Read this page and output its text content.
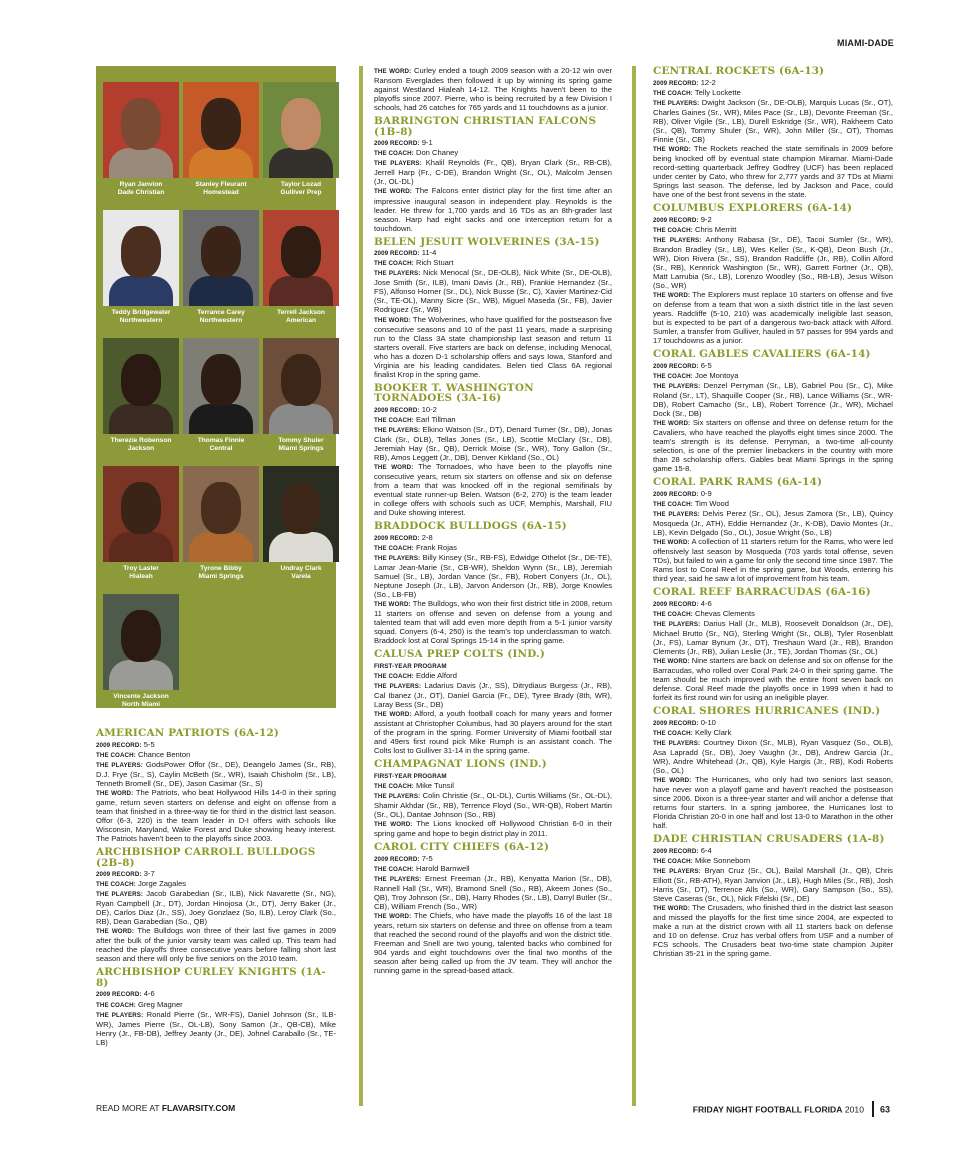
MIAMI-DADE
Ryan Janvion
Dade Christian
Stanley Fleurant
Homestead
Taylor Lozad
Gulliver Prep
Teddy Bridgewater
Northwestern
Terrance Carey
Northwestern
Terrell Jackson
American
Therezie Robenson
Jackson
Thomas Finnie
Central
Tommy Shuler
Miami Springs
Troy Laster
Hialeah
Tyrone Bibby
Miami Springs
Undray Clark
Varela
Vincente Jackson
North Miami
AMERICAN PATRIOTS (6A-12)

2009 RECORD: 5-5

THE COACH: Chance Benton

THE PLAYERS: GodsPower Offor (Sr., DE), Deangelo James (Sr., RB), D.J. Frye (Sr., S), Caylin McBeth (Sr., WR), Isaiah Chisholm (Sr., LB), Tenneth Bromell (Sr., DE), Jason Casimar (Sr., S)

THE WORD: The Patriots, who beat Hollywood Hills 14-0 in their spring game, return seven starters on defense and eight on offense from a team that finished in a three-way tie for third in the district last season. Offor (6-3, 220) is the team leader in D-I offers with schools like Wisconsin, Maryland, Wake Forest and Duke showing heavy interest. The Patriots haven't been to the playoffs since 2003.

ARCHBISHOP CARROLL BULLDOGS (2B-8)

2009 RECORD: 3-7

THE COACH: Jorge Zagales

THE PLAYERS: Jacob Garabedian (Sr., ILB), Nick Navarette (Sr., NG), Ryan Campbell (Jr., DT), Jordan Hinojosa (Jr., DT), Jerry Baker (Jr., DE), Carlos Diaz (Jr., SS), Joey Gonzlaez (So, ILB), Leroy Clark (So., RB), Dean Garabedian (So., QB)

THE WORD: The Bulldogs won three of their last five games in 2009 after the bulk of the junior varsity team was called up. This team had reached the playoffs three consecutive years before falling short last season and there will only be five seniors on the 2010 team.

ARCHBISHOP CURLEY KNIGHTS (1A-8)

2009 RECORD: 4-6

THE COACH: Greg Magner

THE PLAYERS: Ronald Pierre (Sr., WR-FS), Daniel Johnson (Sr., ILB-WR), James Pierre (Sr., OL-LB), Sony Samon (Jr., QB-CB), Mike Henry (Jr., FB-DB), Jeffrey Jeanty (Jr., DE), Johnel Caraballo (Sr., TE-LB)

THE WORD: Curley ended a tough 2009 season with a 20-12 win over Ransom Everglades then followed it up by winning its spring game against Westland Hialeah 14-12. The Knights haven't been to the playoffs since 2007. Pierre, who is being recruited by a few Division I schools, had 26 catches for 765 yards and 11 touchdowns as a junior.

BARRINGTON CHRISTIAN FALCONS (1B-8)

2009 RECORD: 9-1

THE COACH: Don Chaney

THE PLAYERS: Khalil Reynolds (Fr., QB), Bryan Clark (Sr., RB-CB), Jerrell Harp (Fr., C-DE), Brandon Wright (Sr., OL), Malcolm Jensen (Jr., OL-DL)

THE WORD: The Falcons enter district play for the first time after an impressive inaugural season in independent play. Reynolds is the leader. He threw for 1,700 yards and 16 TDs as an 8th-grader last season. Harp had eight sacks and one interception return for a touchdown.

BELEN JESUIT WOLVERINES (3A-15)

2009 RECORD: 11-4

THE COACH: Rich Stuart

THE PLAYERS: Nick Menocal (Sr., DE-OLB), Nick White (Sr., DE-OLB), Jose Smith (Sr., ILB), Imani Davis (Jr., RB), Frankie Hernandez (Sr., FS), Alfonso Horner (Sr., DL), Nick Busse (Sr., C), Xavier Martinez-Cid (Sr., TE-OL), Manny Sicre (Sr., WB), Miguel Maseda (Sr., FB), Javier Rodriguez (Sr., WB)

THE WORD: The Wolverines, who have qualified for the postseason five consecutive seasons and 10 of the past 11 years, made a surprising run to the Class 3A state championship last season and return 11 starters overall. Five starters are back on defense, including Menocal, who has a dozen D-1 scholarship offers and says Iowa, Stanford and Virginia are his leading candidates. Belen tied Class 6A regional finalist Krop in the spring game.

BOOKER T. WASHINGTON TORNADOES (3A-16)

2009 RECORD: 10-2

THE COACH: Earl Tillman

THE PLAYERS: Elkino Watson (Sr., DT), Denard Turner (Sr., DB), Jonas Clark (Sr., OLB), Tellas Jones (Sr., LB), Scottie McClary (Sr., DB), Jeremiah Hay (Sr., QB), Derrick Moise (Sr., WR), Tony Gallon (Sr., RB), Amos Leggett (Jr., DB), Denver Kirkland (So., OL)

THE WORD: The Tornadoes, who have been to the playoffs nine consecutive years, return six starters on offense and six on defense from a team that was knocked off in the regional semifinals by eventual state runner-up Belen. Watson (6-2, 270) is the team leader in college offers with schools such as UCF, Memphis, Marshall, FIU and Duke showing interest.

BRADDOCK BULLDOGS (6A-15)

2009 RECORD: 2-8

THE COACH: Frank Rojas

THE PLAYERS: Billy Kinsey (Sr., RB-FS), Edwidge Othelot (Sr., DE-TE), Lamar Jean-Marie (Sr., CB-WR), Sheldon Wynn (Sr., LB), Jeremiah Samuel (Sr., LB), Jordan Vance (Sr., FB), Robert Conyers (Jr., OL), Neptune Joseph (Jr., LB), Jarvon Anderson (Jr., RB), Jorge Knowles (So., LB-FB)

THE WORD: The Bulldogs, who won their first district title in 2008, return 11 starters on offense and seven on defense from a young and talented team that will add even more depth from a 5-1 junior varsity squad. Conyers (6-4, 250) is the team's top underclassman to watch. Braddock lost at Coral Springs 15-14 in the spring game.

CALUSA PREP COLTS (IND.)

FIRST-YEAR PROGRAM

THE COACH: Eddie Alford

THE PLAYERS: Ladarius Davis (Jr., SS), Ditrydiaus Burgess (Jr., RB), Cal Ibanez (Jr., OT), Daniel Garcia (Fr., DE), Tyree Brady (8th, WR), Laray Bess (Sr., DB)

THE WORD: Alford, a youth football coach for many years and former assistant at Christopher Columbus, had 30 players around for the start of the program in the spring. Former University of Miami football star and 49ers first round pick Mike Rumph is an assistant coach. The Colts lost to Gulliver 31-14 in the spring game.

CHAMPAGNAT LIONS (IND.)

FIRST-YEAR PROGRAM

THE COACH: Mike Tunsil

THE PLAYERS: Colin Christie (Sr., OL-DL), Curtis Williams (Sr., OL-DL), Shamir Akhdar (Sr., RB), Terrence Floyd (So., WR-QB), Robert Martin (Sr., OL), Dantae Johnson (So., RB)

THE WORD: The Lions knocked off Hollywood Christian 6-0 in their spring game and hope to begin district play in 2011.

CAROL CITY CHIEFS (6A-12)

2009 RECORD: 7-5

THE COACH: Harold Barnwell

THE PLAYERS: Ernest Freeman (Jr., RB), Kenyatta Marion (Sr., DB), Rannell Hall (Sr., WR), Bramond Snell (So., RB), Akeem Jones (So., QB), Troy Johnson (Sr., DB), Harry Rhodes (Sr., LB), Darryl Butler (Sr., CB), William French (So., WR)

THE WORD: The Chiefs, who have made the playoffs 16 of the last 18 years, return six starters on defense and three on offense from a team that reached the second round of the playoffs and won the district title. Freeman and Snell are two young, talented backs who combined for 904 yards and eight touchdowns over the final two months of the season after being called up from the JV team. They will anchor the running game in the spread-based attack.

CENTRAL ROCKETS (6A-13)

2009 RECORD: 12-2

THE COACH: Telly Lockette

THE PLAYERS: Dwight Jackson (Sr., DE-OLB), Marquis Lucas (Sr., OT), Charles Gaines (Sr., WR), Miles Pace (Sr., LB), Devonte Freeman (Sr., RB), Oliver Vigile (Sr., LB), Durell Eskridge (Sr., WR), Rakheem Cato (Sr., QB), Tommy Shuler (Sr., WR), John Miller (Sr., OT), Thomas Finnie (Sr., CB)

THE WORD: The Rockets reached the state semifinals in 2009 before being knocked off by eventual state champion Miramar. Miami-Dade record-setting quarterback Jeffrey Godfrey (UCF) has been replaced under center by Cato, who threw for 2,777 yards and 37 TDs at Miami Springs last season. The defense, led by Jackson and Pace, could have one of the best front sevens in the state.

COLUMBUS EXPLORERS (6A-14)

2009 RECORD: 9-2

THE COACH: Chris Merritt

THE PLAYERS: Anthony Rabasa (Sr., DE), Tacoi Sumler (Sr., WR), Brandon Bradley (Sr., LB), Wes Keller (Sr., K-QB), Deon Bush (Jr., WR), Dion Rivera (Sr., SS), Brandon Radcliffe (Jr., RB), Collin Alford (Sr., RB), Kennrick Washington (Sr., WR), Garrett Fortner (Jr., QB), Matt Larrubia (Sr., LB), Lorenzo Woodley (So., RB-LB), Jesus Wilson (So., WR)

THE WORD: The Explorers must replace 10 starters on offense and five on defense from a team that won a sixth district title in the last seven years. Radcliffe (5-10, 210) was academically ineligible last season, but is expected to be part of a dangerous two-back attack with Alford. Sumler, a transfer from Gulliver, hauled in 57 passes for 994 yards and 17 touchdowns as a junior.

CORAL GABLES CAVALIERS (6A-14)

2009 RECORD: 6-5

THE COACH: Joe Montoya

THE PLAYERS: Denzel Perryman (Sr., LB), Gabriel Pou (Sr., C), Mike Roland (Sr., LT), Shaquille Cooper (Sr., RB), Lance Williams (Sr., WR-DB), Robert Camacho (Sr., LB), Robert Torrence (Jr., WR), Michael Dock (Sr., DB)

THE WORD: Six starters on offense and three on defense return for the Cavaliers, who have reached the playoffs eight times since 2000. The team's strength is its defense. Perryman, a two-time all-county selection, is one of the premier linebackers in the country with more than 28 scholarship offers. Gables beat Miami Springs in the spring game 15-8.

CORAL PARK RAMS (6A-14)

2009 RECORD: 0-9

THE COACH: Tim Wood

THE PLAYERS: Delvis Perez (Sr., OL), Jesus Zamora (Sr., LB), Quincy Mosqueda (Jr., ATH), Eddie Hernandez (Jr., K-DB), Davio Montes (Jr., LB), Kevin Delgado (So., OL), Josue Wright (So., LB)

THE WORD: A collection of 11 starters return for the Rams, who were led offensively last season by Mosqueda (703 yards total offense, seven TDs), but failed to win a game for only the second time since 1987. The Rams lost to Coral Reef in the spring game, but Woods, entering his third year, said he saw a lot of improvement from his team.

CORAL REEF BARRACUDAS (6A-16)

2009 RECORD: 4-6

THE COACH: Chevas Clements

THE PLAYERS: Darius Hall (Jr., MLB), Roosevelt Donaldson (Jr., DE), Michael Brutto (Sr., NG), Sterling Wright (Sr., OLB), Tyler Rosenblatt (Jr., FS), Lamar Bynum (Jr., DT), Treshaun Ward (Jr., RB), Brandon Clements (Jr., RB), Julian Leslie (Jr., TE), Jordan Thomas (Sr., OL)

THE WORD: Nine starters are back on defense and six on offense for the Barracudas, who rolled over Coral Park 24-0 in their spring game. The team should be much improved with the entire front seven back on defense. Coral Reef made the playoffs once in 1999 when it had to forfeit its first round win for using an ineligible player.

CORAL SHORES HURRICANES (IND.)

2009 RECORD: 0-10

THE COACH: Kelly Clark

THE PLAYERS: Courtney Dixon (Sr., MLB), Ryan Vasquez (So., OLB), Asa Lapradd (Sr., DB), Joey Vaughn (Jr., DB), Andrew Garcia (Jr., WR), Andre Whitehead (Jr., QB), Kyle Hargis (Jr., RB), Kodi Roberts (So., OL)

THE WORD: The Hurricanes, who only had two seniors last season, have never won a playoff game and haven't reached the postseason since 2006. Dixon is a three-year starter and will anchor a defense that returns four starters. In a spring jamboree, the Hurricanes lost to Florida Christian 20-0 in one half and lost 13-0 to Marathon in the other half.

DADE CHRISTIAN CRUSADERS (1A-8)

2009 RECORD: 6-4

THE COACH: Mike Sonneborn

THE PLAYERS: Bryan Cruz (Sr., OL), Bailal Marshall (Jr., QB), Chris Elliott (Sr., RB-ATH), Ryan Janvion (Jr., LB), Hugh Miles (Sr., RB), Josh Harris (Sr., DT), Terrence Alls (So., WR), Gary Sampson (So., SS), Steve Caseras (Sr., OL), Nick Fifelski (Sr., DE)

THE WORD: The Crusaders, who finished third in the district last season and missed the playoffs for the first time since 2004, are expected to make a run at the district crown with all 11 starters back on defense and 10 on defense. Cruz has verbal offers from USF and a number of FCS schools. The Crusaders beat two-time state champion Jupiter Christian 35-21 in the spring game.

READ MORE AT FLAVARSITY.COM	FRIDAY NIGHT FOOTBALL FLORIDA 2010 63
